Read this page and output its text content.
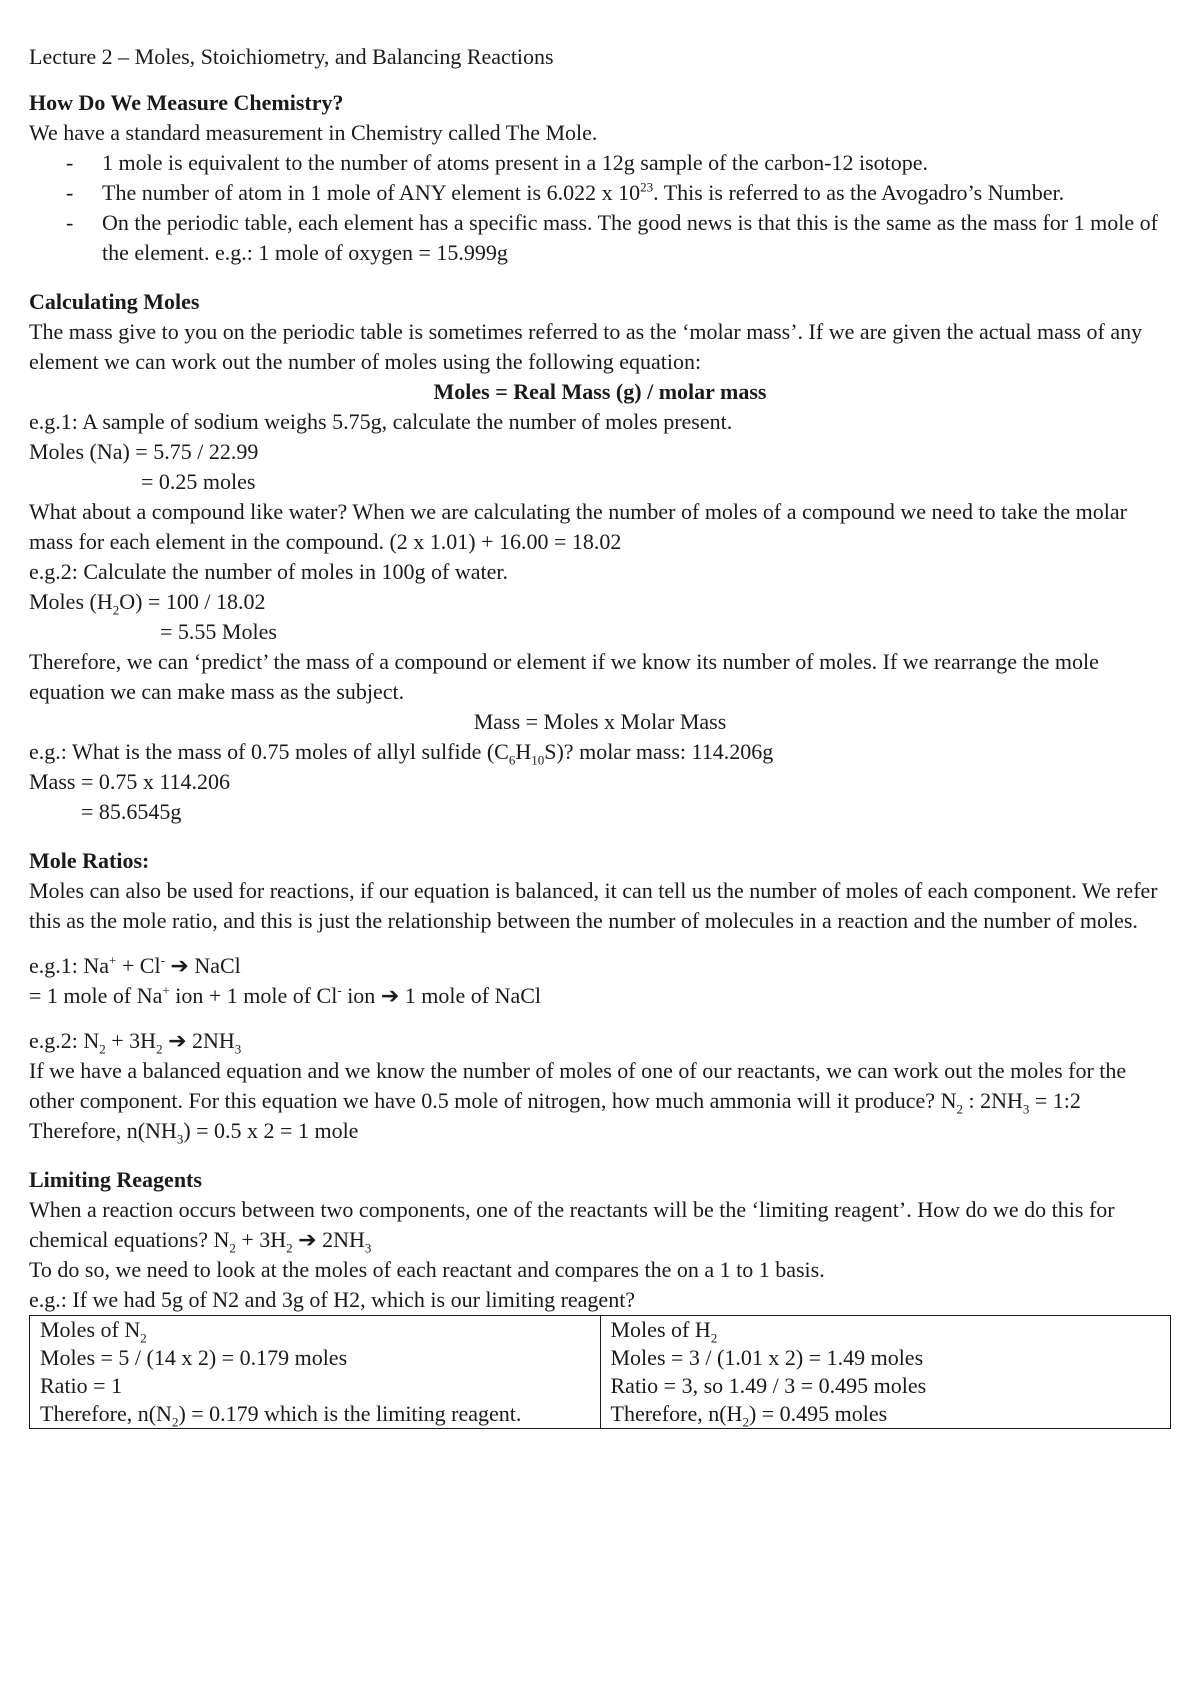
Lecture 2 – Moles, Stoichiometry, and Balancing Reactions

How Do We Measure Chemistry?

We have a standard measurement in Chemistry called The Mole.

- 1 mole is equivalent to the number of atoms present in a 12g sample of the carbon-12 isotope.
- The number of atom in 1 mole of ANY element is 6.022 x $10^{23}$. This is referred to as the Avogadro’s Number.
- On the periodic table, each element has a specific mass. The good news is that this is the same as the mass for 1 mole of the element. e.g.: 1 mole of oxygen = 15.999g

Calculating Moles

The mass give to you on the periodic table is sometimes referred to as the ‘molar mass’. If we are given the actual mass of any element we can work out the number of moles using the following equation:

Moles = Real Mass (g) / molar mass

e.g.1: A sample of sodium weighs 5.75g, calculate the number of moles present.

Moles (Na) = 5.75 / 22.99

= 0.25 moles

What about a compound like water? When we are calculating the number of moles of a compound we need to take the molar mass for each element in the compound. (2 x 1.01) + 16.00 = 18.02

e.g.2: Calculate the number of moles in 100g of water.

Moles $(H_2O) = 100 / 18.02$

= 5.55 Moles

Therefore, we can ‘predict’ the mass of a compound or element if we know its number of moles. If we rearrange the mole equation we can make mass as the subject.

Mass = Moles x Molar Mass

e.g.: What is the mass of 0.75 moles of allyl sulfide $(C_6H_{10}S)$? molar mass: 114.206g

Mass = 0.75 x 114.206

= 85.6545g

Mole Ratios:

Moles can also be used for reactions, if our equation is balanced, it can tell us the number of moles of each component. We refer this as the mole ratio, and this is just the relationship between the number of molecules in a reaction and the number of moles.

e.g.1: Na+ + Cl- ➔ NaCl

= 1 mole of Na+ ion + 1 mole of Cl- ion ➔ 1 mole of NaCl

e.g.2: $N_2 + 3H_2$ ➔ $2NH_3$

If we have a balanced equation and we know the number of moles of one of our reactants, we can work out the moles for the other component. For this equation we have 0.5 mole of nitrogen, how much ammonia will it produce? $N_2$ : $2NH_3$ = 1:2

Therefore, $n(NH_3) = 0.5$ x 2 = 1 mole

Limiting Reagents

When a reaction occurs between two components, one of the reactants will be the ‘limiting reagent’. How do we do this for chemical equations? $N_2 + 3H_2$ ➔ $2NH_3$

To do so, we need to look at the moles of each reactant and compares the on a 1 to 1 basis.

e.g.: If we had 5g of N2 and 3g of H2, which is our limiting reagent?

Moles of $N_2$
Moles = 5 / (14 x 2) = 0.179 moles
Ratio = 1
Therefore, $n(N_2) = 0.179$ which is the limiting reagent.

Moles of $H_2$
Moles = 3 / (1.01 x 2) = 1.49 moles
Ratio = 3, so 1.49 / 3 = 0.495 moles
Therefore, $n(H_2) = 0.495$ moles
